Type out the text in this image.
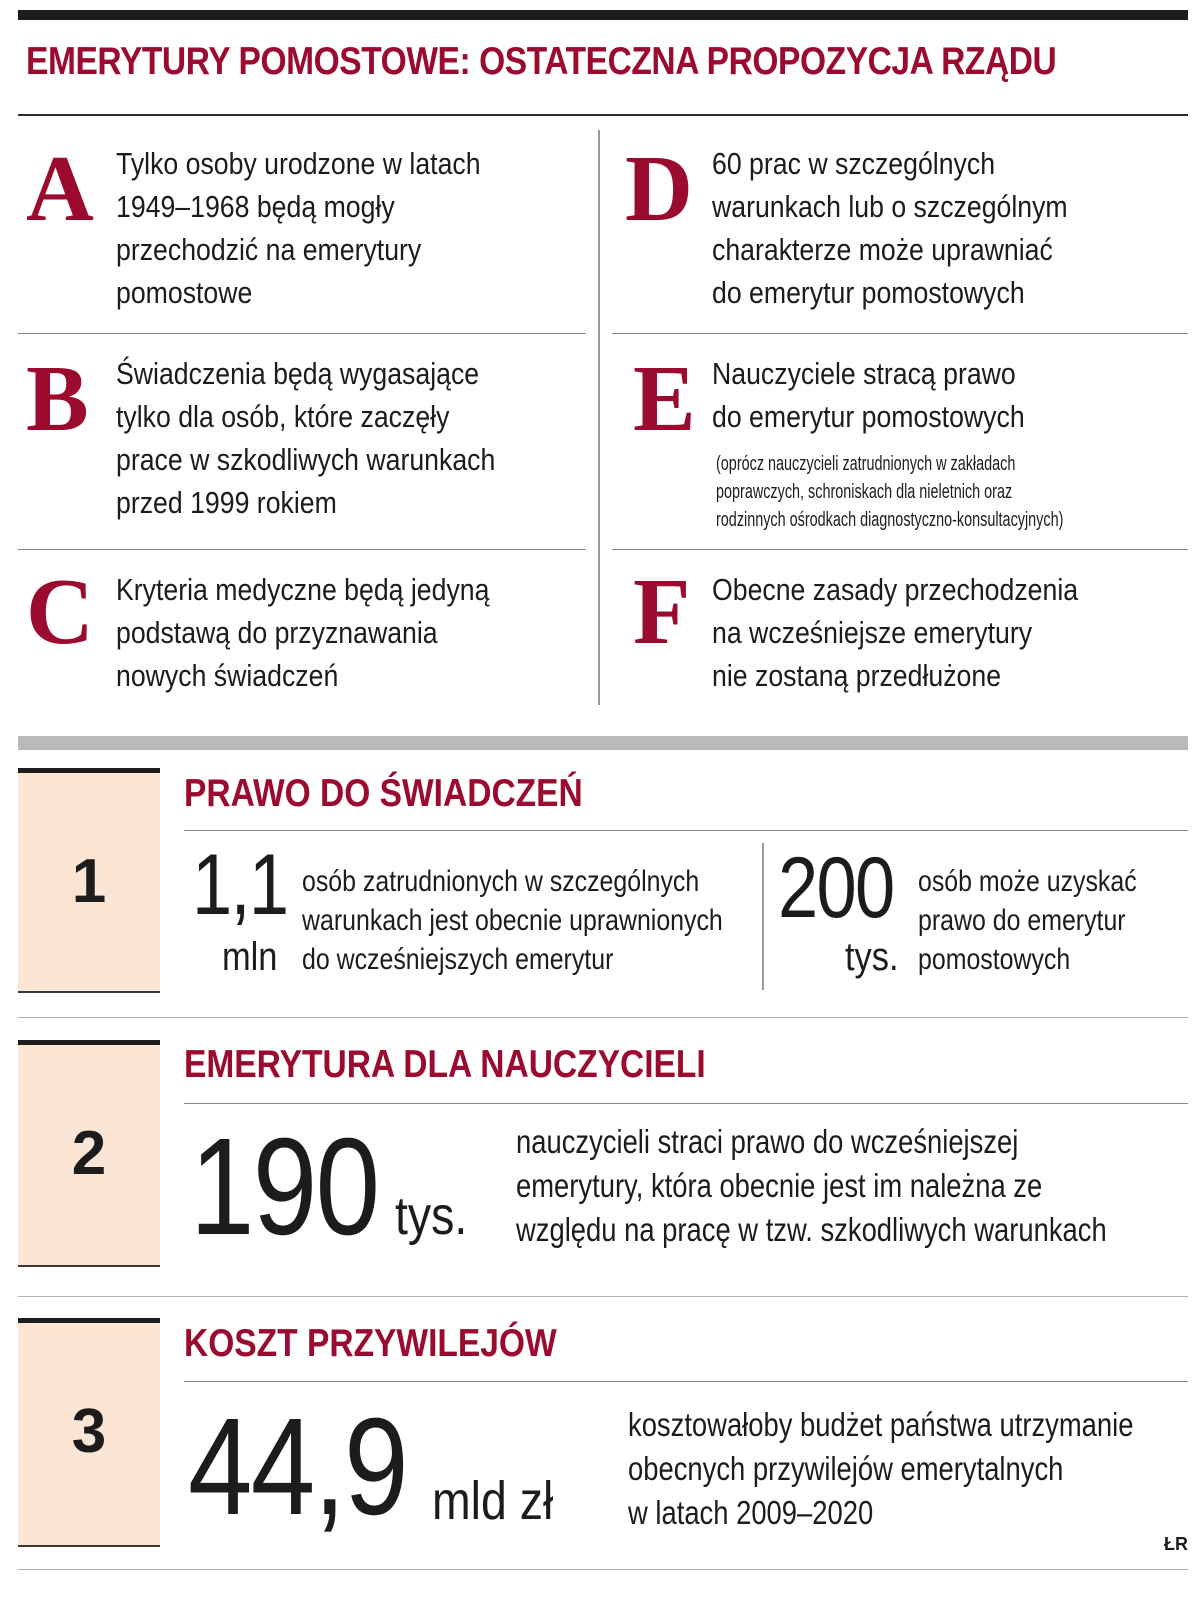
EMERYTURY POMOSTOWE: OSTATECZNA PROPOZYCJA RZĄDU
A Tylko osoby urodzone w latach
1949–1968 będą mogły
przechodzić na emerytury
pomostowe
B Świadczenia będą wygasające
tylko dla osób, które zaczęły
prace w szkodliwych warunkach
przed 1999 rokiem
C Kryteria medyczne będą jedyną
podstawą do przyznawania
nowych świadczeń
D 60 prac w szczególnych
warunkach lub o szczególnym
charakterze może uprawniać
do emerytur pomostowych
E Nauczyciele stracą prawo
do emerytur pomostowych
(oprócz nauczycieli zatrudnionych w zakładach
poprawczych, schroniskach dla nieletnich oraz
rodzinnych ośrodkach diagnostyczno-konsultacyjnych)
F Obecne zasady przechodzenia
na wcześniejsze emerytury
nie zostaną przedłużone
1
PRAWO DO ŚWIADCZEŃ
1,1
mln
osób zatrudnionych w szczególnych
warunkach jest obecnie uprawnionych
do wcześniejszych emerytur
200
tys.
osób może uzyskać
prawo do emerytur
pomostowych
2
EMERYTURA DLA NAUCZYCIELI
190 tys.
nauczycieli straci prawo do wcześniejszej
emerytury, która obecnie jest im należna ze
względu na pracę w tzw. szkodliwych warunkach
3
KOSZT PRZYWILEJÓW
44,9 mld zł
kosztowałoby budżet państwa utrzymanie
obecnych przywilejów emerytalnych
w latach 2009–2020
ŁR
